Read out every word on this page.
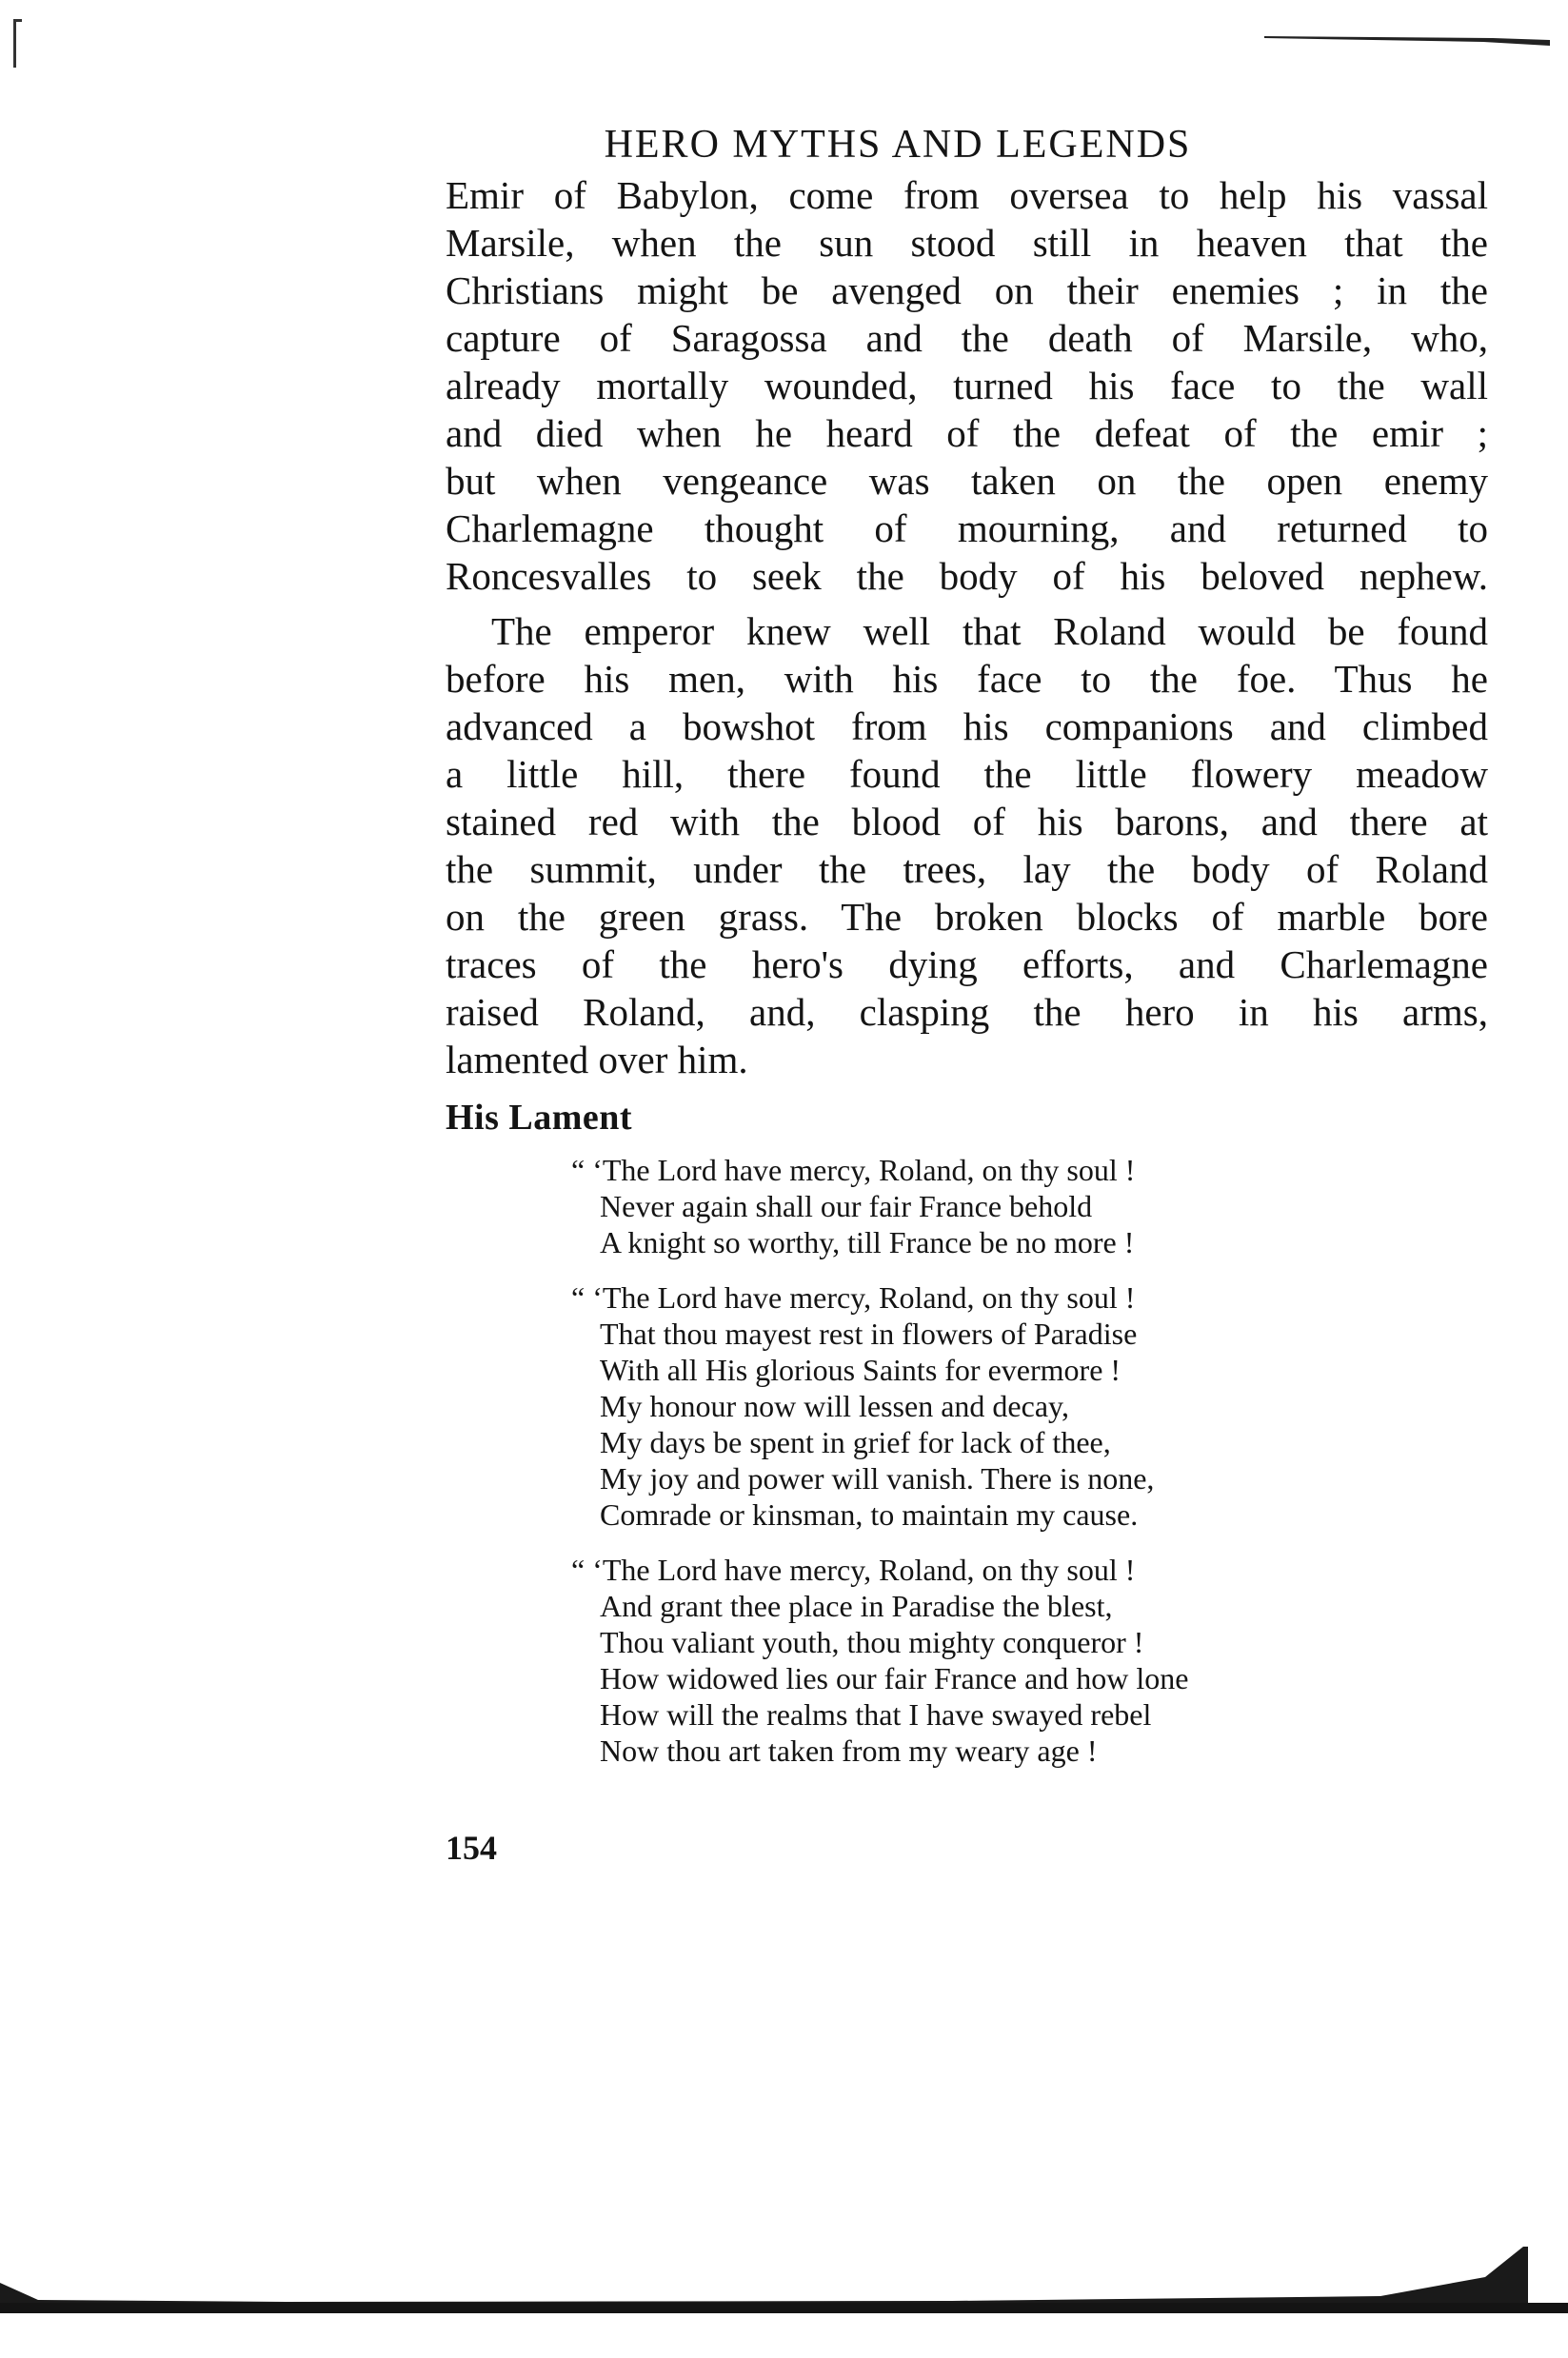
HERO MYTHS AND LEGENDS
Emir of Babylon, come from oversea to help his vassal
Marsile, when the sun stood still in heaven that the
Christians might be avenged on their enemies ; in the
capture of Saragossa and the death of Marsile, who,
already mortally wounded, turned his face to the wall
and died when he heard of the defeat of the emir ;
but when vengeance was taken on the open enemy
Charlemagne thought of mourning, and returned to
Roncesvalles to seek the body of his beloved nephew.
The emperor knew well that Roland would be found
before his men, with his face to the foe. Thus he
advanced a bowshot from his companions and climbed
a little hill, there found the little flowery meadow
stained red with the blood of his barons, and there at
the summit, under the trees, lay the body of Roland
on the green grass. The broken blocks of marble bore
traces of the hero's dying efforts, and Charlemagne
raised Roland, and, clasping the hero in his arms,
lamented over him.
His Lament
“ ‘The Lord have mercy, Roland, on thy soul !
Never again shall our fair France behold
A knight so worthy, till France be no more !
“ ‘The Lord have mercy, Roland, on thy soul !
That thou mayest rest in flowers of Paradise
With all His glorious Saints for evermore !
My honour now will lessen and decay,
My days be spent in grief for lack of thee,
My joy and power will vanish. There is none,
Comrade or kinsman, to maintain my cause.
“ ‘The Lord have mercy, Roland, on thy soul !
And grant thee place in Paradise the blest,
Thou valiant youth, thou mighty conqueror !
How widowed lies our fair France and how lone
How will the realms that I have swayed rebel
Now thou art taken from my weary age !
154
